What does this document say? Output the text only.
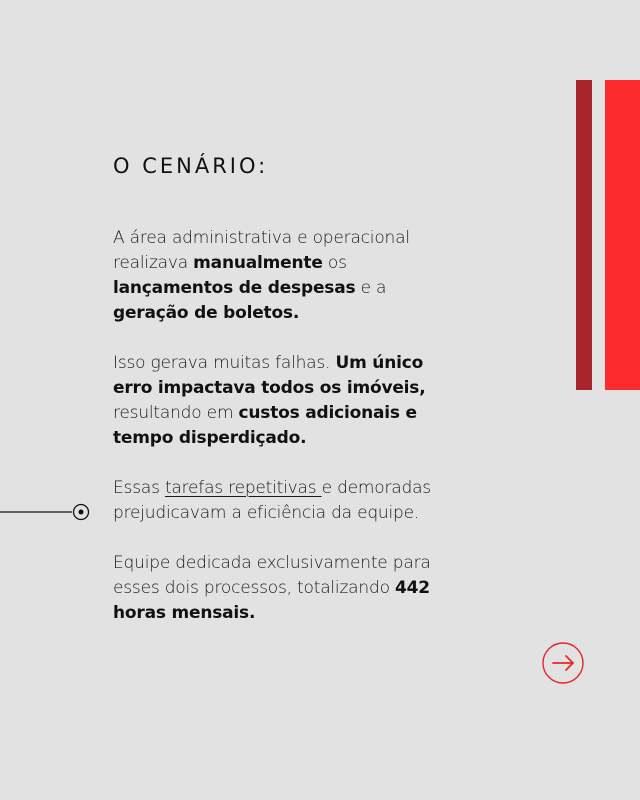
O CENÁRIO:

A área administrativa e operacional realizava manualmente os lançamentos de despesas e a geração de boletos.

Isso gerava muitas falhas. Um único erro impactava todos os imóveis, resultando em custos adicionais e tempo disperdiçado.

Essas tarefas repetitivas e demoradas prejudicavam a eficiência da equipe.

Equipe dedicada exclusivamente para esses dois processos, totalizando 442 horas mensais.
